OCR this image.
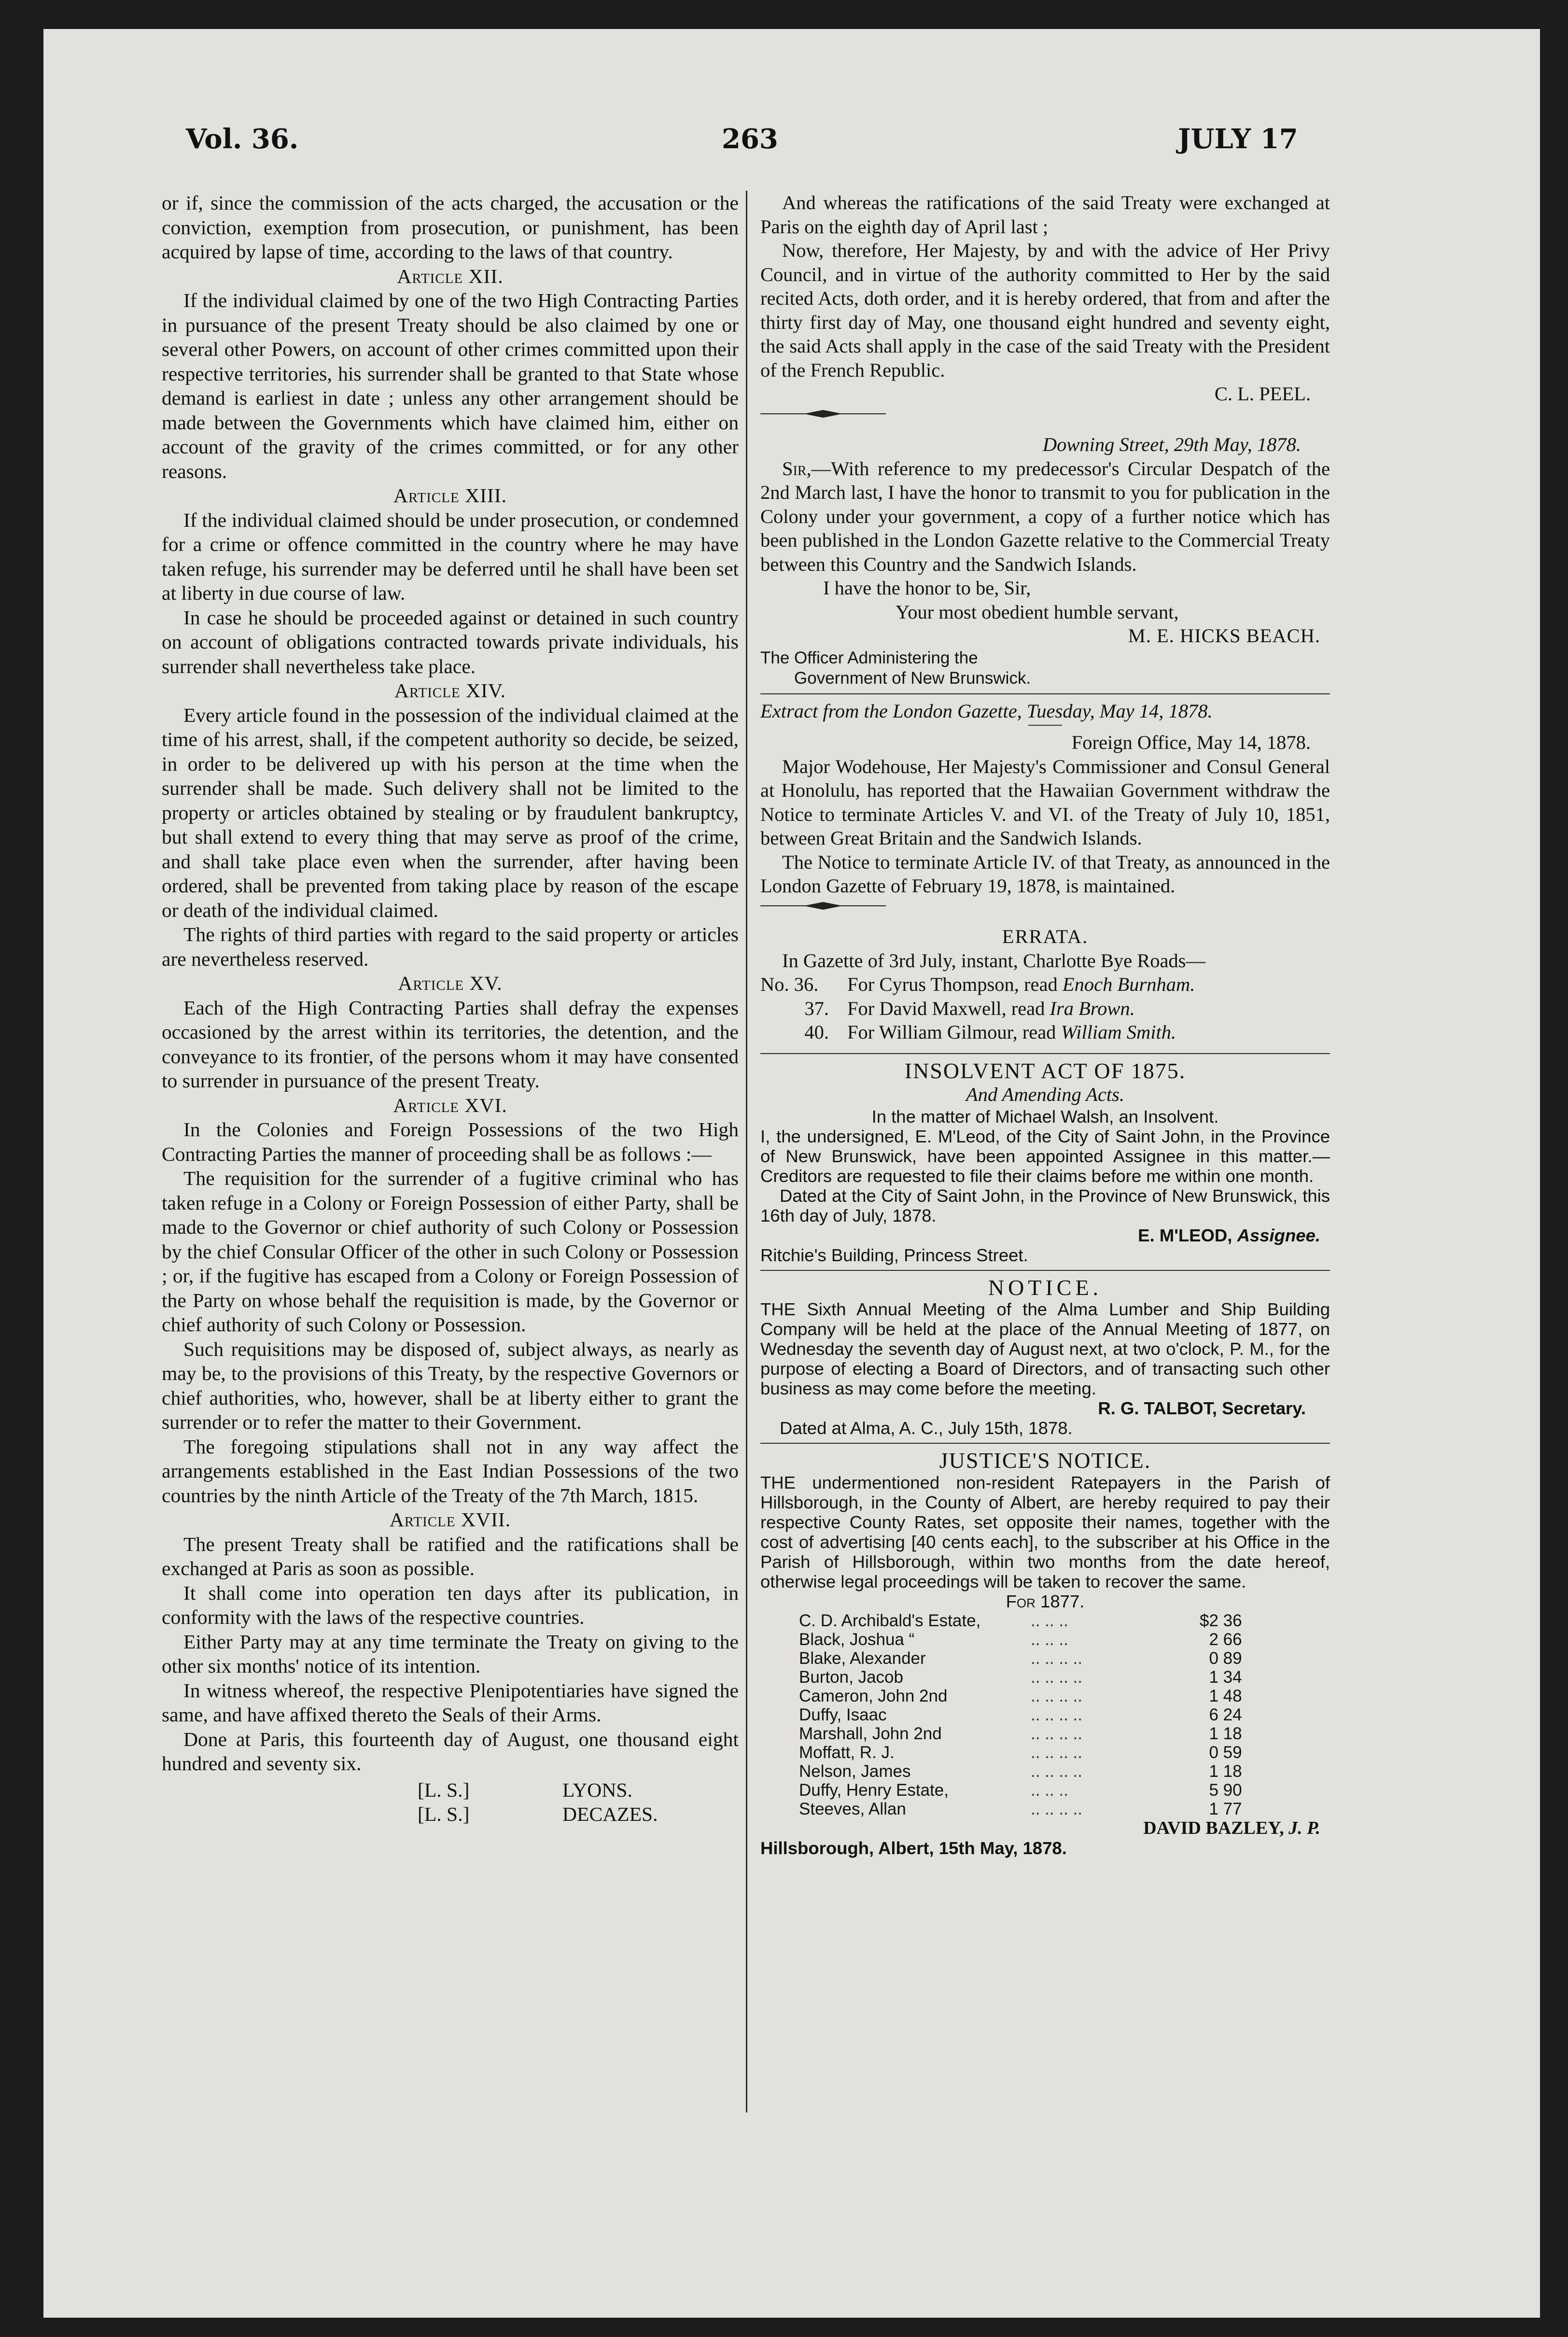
Vol. 36.	263	JULY 17

or if, since the commission of the acts charged, the accusation or the conviction, exemption from prosecution, or punishment, has been acquired by lapse of time, according to the laws of that country.

Article XII.

If the individual claimed by one of the two High Contracting Parties in pursuance of the present Treaty should be also claimed by one or several other Powers, on account of other crimes committed upon their respective territories, his surrender shall be granted to that State whose demand is earliest in date ; unless any other arrangement should be made between the Governments which have claimed him, either on account of the gravity of the crimes committed, or for any other reasons.

Article XIII.

If the individual claimed should be under prosecution, or condemned for a crime or offence committed in the country where he may have taken refuge, his surrender may be deferred until he shall have been set at liberty in due course of law.

In case he should be proceeded against or detained in such country on account of obligations contracted towards private individuals, his surrender shall nevertheless take place.

Article XIV.

Every article found in the possession of the individual claimed at the time of his arrest, shall, if the competent authority so decide, be seized, in order to be delivered up with his person at the time when the surrender shall be made. Such delivery shall not be limited to the property or articles obtained by stealing or by fraudulent bankruptcy, but shall extend to every thing that may serve as proof of the crime, and shall take place even when the surrender, after having been ordered, shall be prevented from taking place by reason of the escape or death of the individual claimed.

The rights of third parties with regard to the said property or articles are nevertheless reserved.

Article XV.

Each of the High Contracting Parties shall defray the expenses occasioned by the arrest within its territories, the detention, and the conveyance to its frontier, of the persons whom it may have consented to surrender in pursuance of the present Treaty.

Article XVI.

In the Colonies and Foreign Possessions of the two High Contracting Parties the manner of proceeding shall be as follows :—

The requisition for the surrender of a fugitive criminal who has taken refuge in a Colony or Foreign Possession of either Party, shall be made to the Governor or chief authority of such Colony or Possession by the chief Consular Officer of the other in such Colony or Possession ; or, if the fugitive has escaped from a Colony or Foreign Possession of the Party on whose behalf the requisition is made, by the Governor or chief authority of such Colony or Possession.

Such requisitions may be disposed of, subject always, as nearly as may be, to the provisions of this Treaty, by the respective Governors or chief authorities, who, however, shall be at liberty either to grant the surrender or to refer the matter to their Government.

The foregoing stipulations shall not in any way affect the arrangements established in the East Indian Possessions of the two countries by the ninth Article of the Treaty of the 7th March, 1815.

Article XVII.

The present Treaty shall be ratified and the ratifications shall be exchanged at Paris as soon as possible.

It shall come into operation ten days after its publication, in conformity with the laws of the respective countries.

Either Party may at any time terminate the Treaty on giving to the other six months' notice of its intention.

In witness whereof, the respective Plenipotentiaries have signed the same, and have affixed thereto the Seals of their Arms.

Done at Paris, this fourteenth day of August, one thousand eight hundred and seventy six.

[L. S.]	LYONS.
[L. S.]	DECAZES.

And whereas the ratifications of the said Treaty were exchanged at Paris on the eighth day of April last ;

Now, therefore, Her Majesty, by and with the advice of Her Privy Council, and in virtue of the authority committed to Her by the said recited Acts, doth order, and it is hereby ordered, that from and after the thirty first day of May, one thousand eight hundred and seventy eight, the said Acts shall apply in the case of the said Treaty with the President of the French Republic.

C. L. PEEL.

Downing Street, 29th May, 1878.

Sir,—With reference to my predecessor's Circular Despatch of the 2nd March last, I have the honor to transmit to you for publication in the Colony under your government, a copy of a further notice which has been published in the London Gazette relative to the Commercial Treaty between this Country and the Sandwich Islands.

I have the honor to be, Sir,

Your most obedient humble servant,

M. E. HICKS BEACH.

The Officer Administering the

Government of New Brunswick.

Extract from the London Gazette, Tuesday, May 14, 1878.

Foreign Office, May 14, 1878.

Major Wodehouse, Her Majesty's Commissioner and Consul General at Honolulu, has reported that the Hawaiian Government withdraw the Notice to terminate Articles V. and VI. of the Treaty of July 10, 1851, between Great Britain and the Sandwich Islands.

The Notice to terminate Article IV. of that Treaty, as announced in the London Gazette of February 19, 1878, is maintained.

ERRATA.

In Gazette of 3rd July, instant, Charlotte Bye Roads—

No. 36.	For Cyrus Thompson, read Enoch Burnham.
37.	For David Maxwell, read Ira Brown.
40.	For William Gilmour, read William Smith.

INSOLVENT ACT OF 1875.

And Amending Acts.

In the matter of Michael Walsh, an Insolvent.

I, the undersigned, E. M'Leod, of the City of Saint John, in the Province of New Brunswick, have been appointed Assignee in this matter.—Creditors are requested to file their claims before me within one month.

Dated at the City of Saint John, in the Province of New Brunswick, this 16th day of July, 1878.

E. M'LEOD, Assignee.

Ritchie's Building, Princess Street.

NOTICE.

THE Sixth Annual Meeting of the Alma Lumber and Ship Building Company will be held at the place of the Annual Meeting of 1877, on Wednesday the seventh day of August next, at two o'clock, P. M., for the purpose of electing a Board of Directors, and of transacting such other business as may come before the meeting.

R. G. TALBOT, Secretary.

Dated at Alma, A. C., July 15th, 1878.

JUSTICE'S NOTICE.

THE undermentioned non-resident Ratepayers in the Parish of Hillsborough, in the County of Albert, are hereby required to pay their respective County Rates, set opposite their names, together with the cost of advertising [40 cents each], to the subscriber at his Office in the Parish of Hillsborough, within two months from the date hereof, otherwise legal proceedings will be taken to recover the same.

For 1877.

C. D. Archibald's Estate,	.. .. ..	$2 36
Black, Joshua “	.. .. ..	2 66
Blake, Alexander	.. .. .. ..	0 89
Burton, Jacob	.. .. .. ..	1 34
Cameron, John 2nd	.. .. .. ..	1 48
Duffy, Isaac	.. .. .. ..	6 24
Marshall, John 2nd	.. .. .. ..	1 18
Moffatt, R. J.	.. .. .. ..	0 59
Nelson, James	.. .. .. ..	1 18
Duffy, Henry Estate,	.. .. ..	5 90
Steeves, Allan	.. .. .. ..	1 77

DAVID BAZLEY, J. P.

Hillsborough, Albert, 15th May, 1878.
